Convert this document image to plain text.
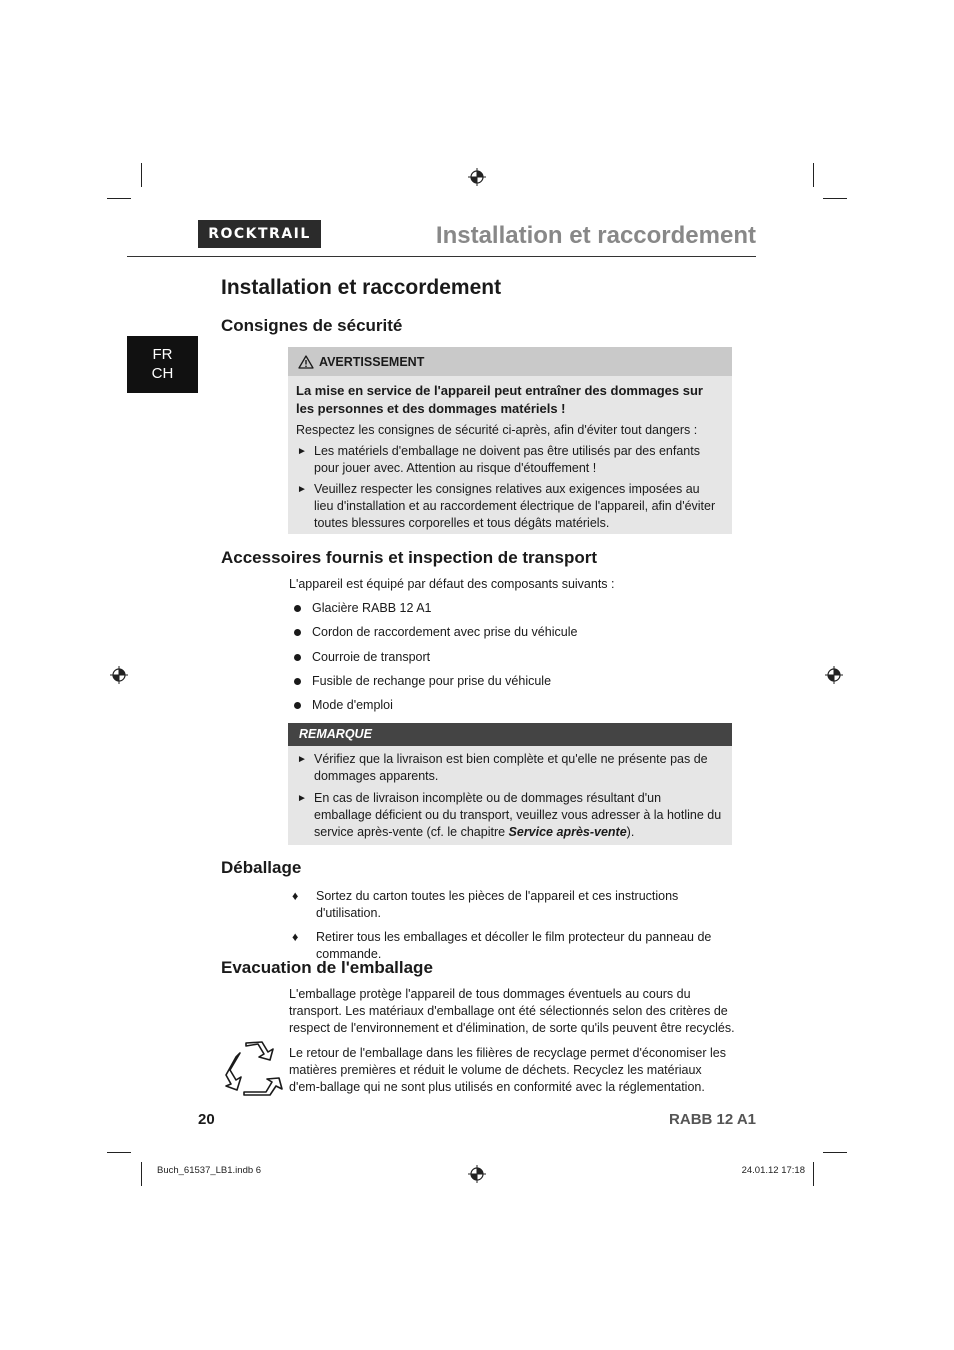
ROCKTRAIL	Installation et raccordement
FR
CH
Installation et raccordement
Consignes de sécurité
AVERTISSEMENT
La mise en service de l'appareil peut entraîner des dommages sur les personnes et des dommages matériels !
Respectez les consignes de sécurité ci-après, afin d'éviter tout dangers :
► Les matériels d'emballage ne doivent pas être utilisés par des enfants pour jouer avec. Attention au risque d'étouffement !
► Veuillez respecter les consignes relatives aux exigences imposées au lieu d'installation et au raccordement électrique de l'appareil, afin d'éviter toutes blessures corporelles et tous dégâts matériels.
Accessoires fournis et inspection de transport
L'appareil est équipé par défaut des composants suivants :
Glacière RABB 12 A1
Cordon de raccordement avec prise du véhicule
Courroie de transport
Fusible de rechange pour prise du véhicule
Mode d'emploi
REMARQUE
► Vérifiez que la livraison est bien complète et qu'elle ne présente pas de dommages apparents.
► En cas de livraison incomplète ou de dommages résultant d'un emballage déficient ou du transport, veuillez vous adresser à la hotline du service après-vente (cf. le chapitre Service après-vente).
Déballage
♦ Sortez du carton toutes les pièces de l'appareil et ces instructions d'utilisation.
♦ Retirer tous les emballages et décoller le film protecteur du panneau de commande.
Evacuation de l'emballage
L'emballage protège l'appareil de tous dommages éventuels au cours du transport. Les matériaux d'emballage ont été sélectionnés selon des critères de respect de l'environnement et d'élimination, de sorte qu'ils peuvent être recyclés.
Le retour de l'emballage dans les filières de recyclage permet d'économiser les matières premières et réduit le volume de déchets. Recyclez les matériaux d'em-ballage qui ne sont plus utilisés en conformité avec la réglementation.
20	RABB 12 A1
Buch_61537_LB1.indb 6	24.01.12 17:18
